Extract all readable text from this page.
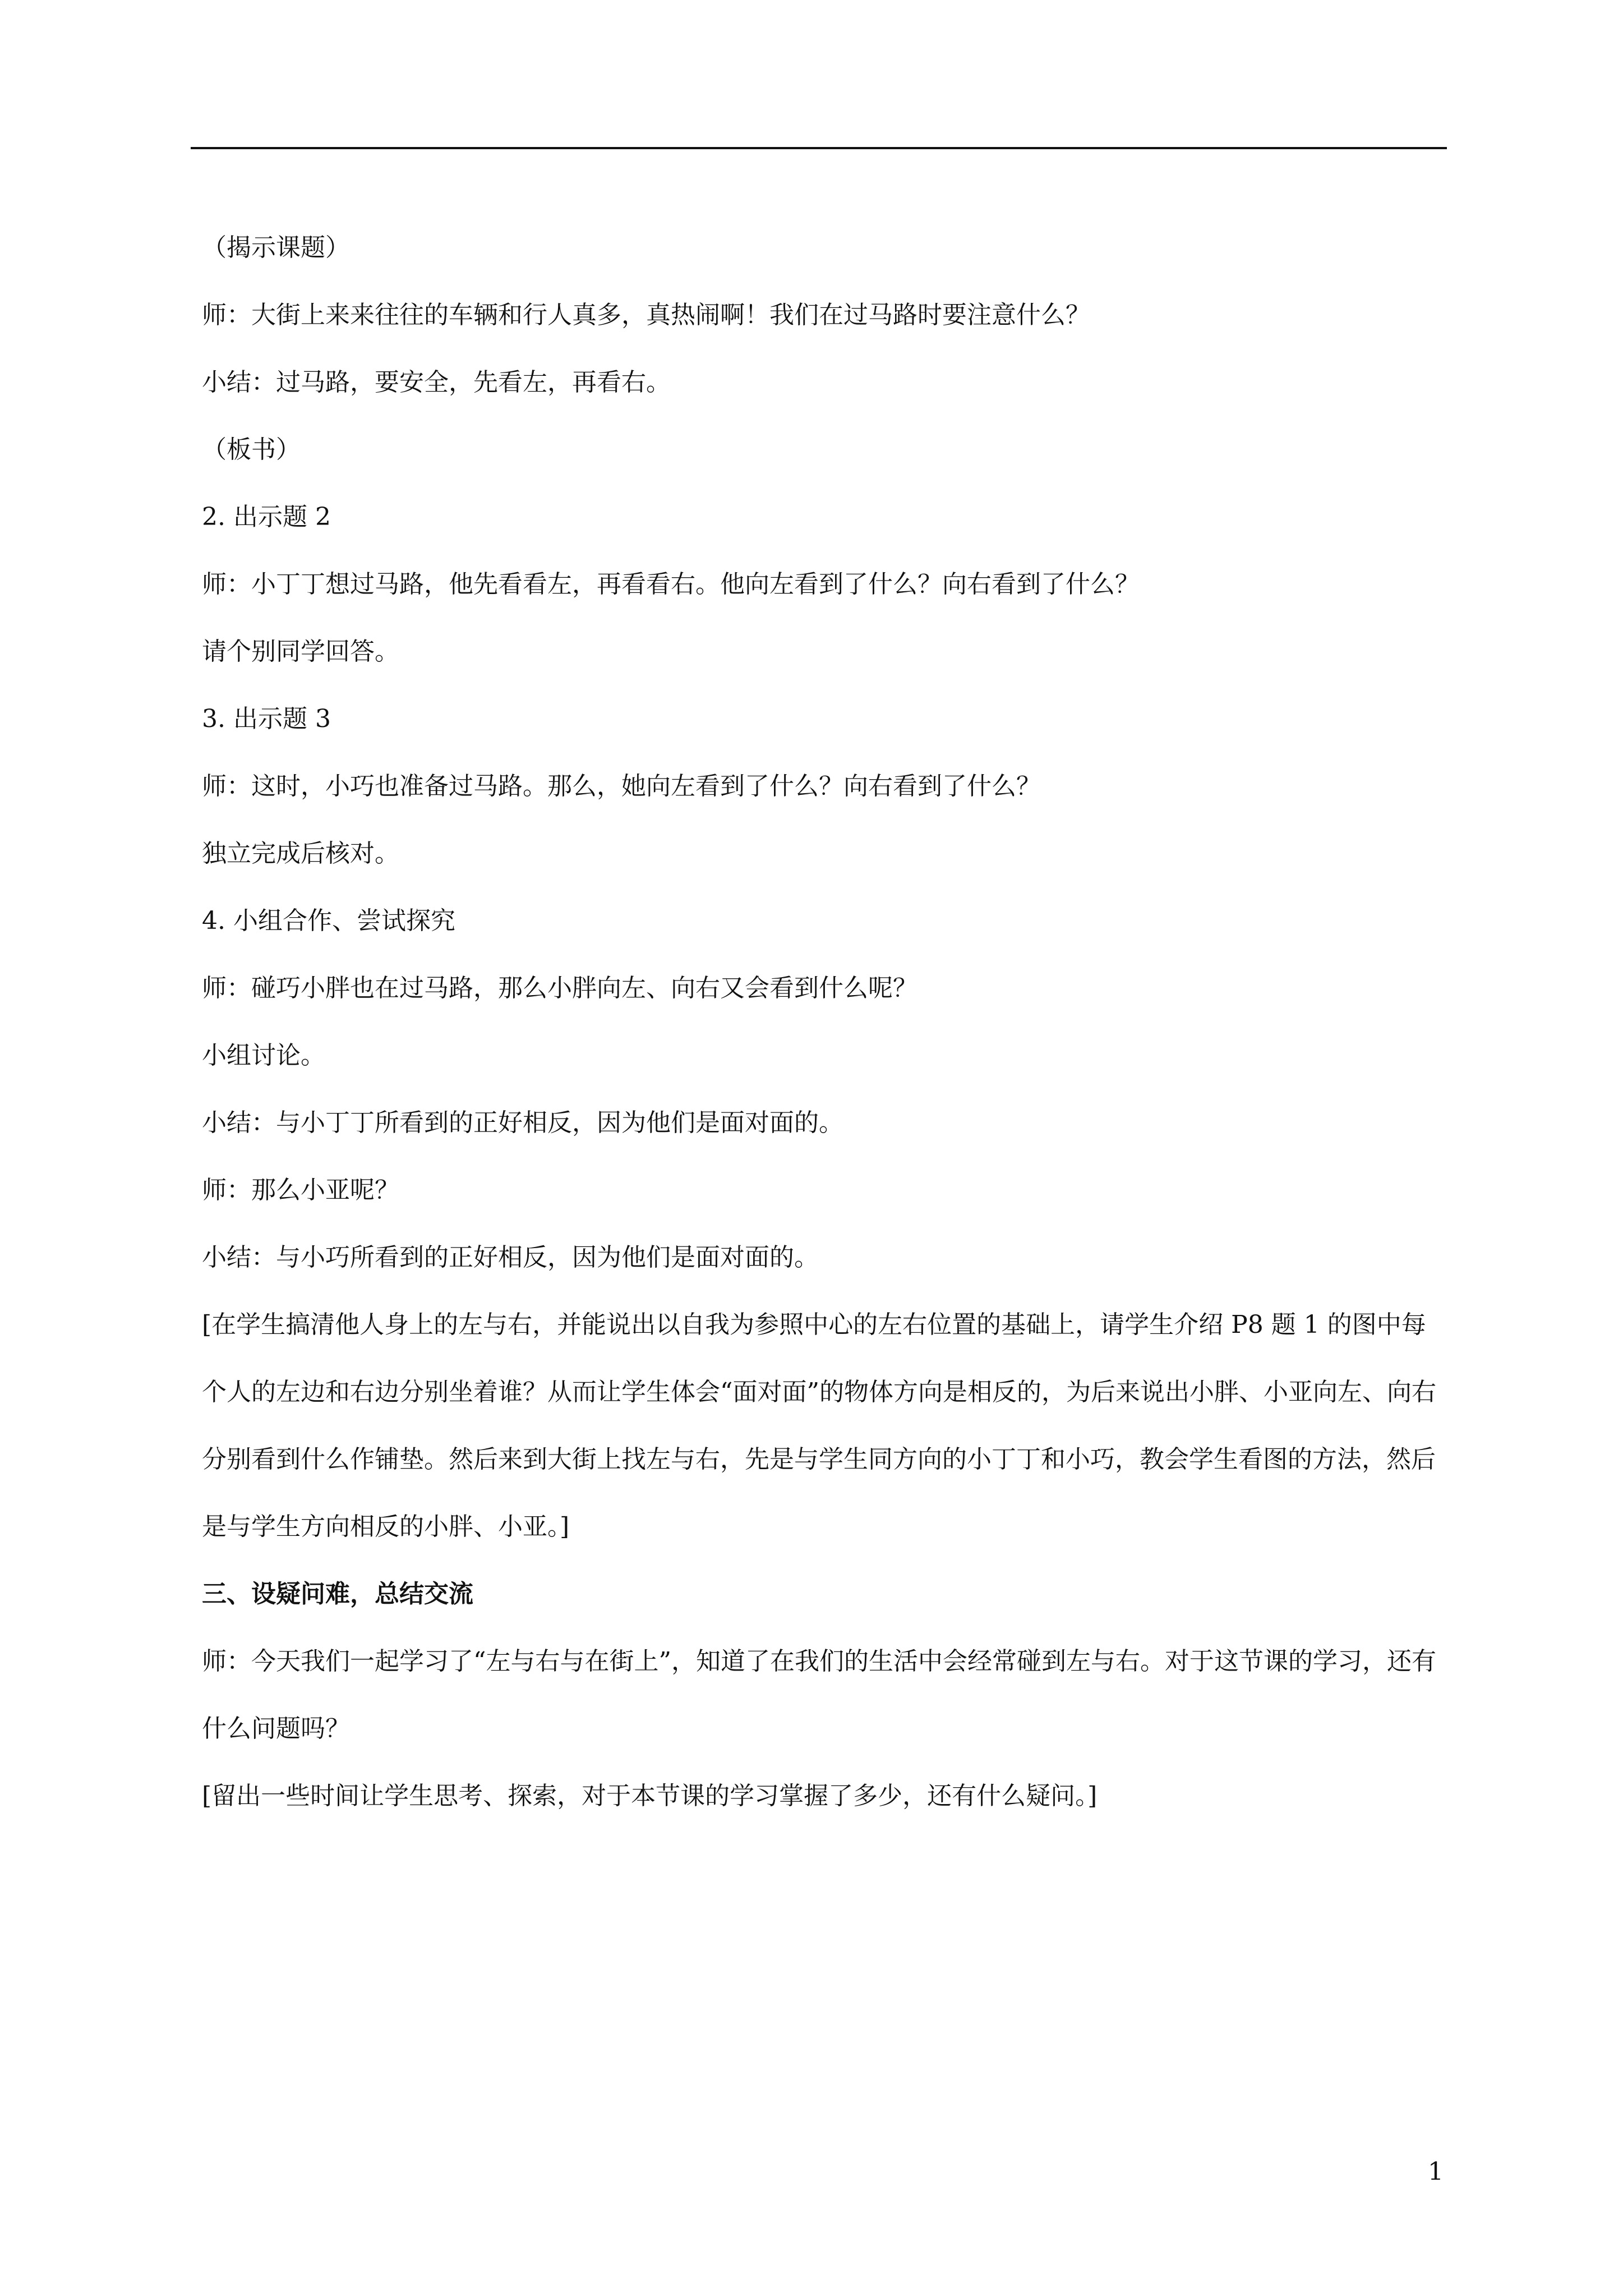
（揭示课题）

师：大街上来来往往的车辆和行人真多，真热闹啊！我们在过马路时要注意什么？

小结：过马路，要安全，先看左，再看右。

（板书）

2. 出示题 2

师：小丁丁想过马路，他先看看左，再看看右。他向左看到了什么？向右看到了什么？

请个别同学回答。

3. 出示题 3

师：这时，小巧也准备过马路。那么，她向左看到了什么？向右看到了什么？

独立完成后核对。

4. 小组合作、尝试探究

师：碰巧小胖也在过马路，那么小胖向左、向右又会看到什么呢？

小组讨论。

小结：与小丁丁所看到的正好相反，因为他们是面对面的。

师：那么小亚呢？

小结：与小巧所看到的正好相反，因为他们是面对面的。

[在学生搞清他人身上的左与右，并能说出以自我为参照中心的左右位置的基础上，请学生介绍 P8 题 1 的图中每个人的左边和右边分别坐着谁？从而让学生体会“面对面”的物体方向是相反的，为后来说出小胖、小亚向左、向右分别看到什么作铺垫。然后来到大街上找左与右，先是与学生同方向的小丁丁和小巧，教会学生看图的方法，然后是与学生方向相反的小胖、小亚。]

三、设疑问难，总结交流

师：今天我们一起学习了“左与右与在街上”，知道了在我们的生活中会经常碰到左与右。对于这节课的学习，还有什么问题吗？

[留出一些时间让学生思考、探索，对于本节课的学习掌握了多少，还有什么疑问。]

1
